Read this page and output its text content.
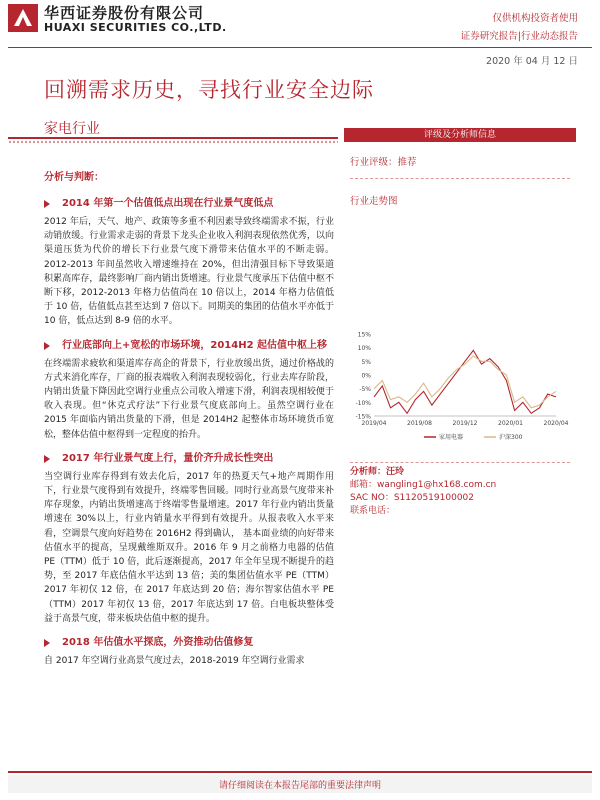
华西证券股份有限公司
HUAXI SECURITIES CO.,LTD.
仅供机构投资者使用
证券研究报告|行业动态报告
2020 年 04 月 12 日
回溯需求历史，寻找行业安全边际
家电行业
分析与判断：
2014 年第一个估值低点出现在行业景气度低点

2012 年后，天气、地产、政策等多重不利因素导致终端需求不振，行业动销放缓。行业需求走弱的背景下龙头企业收入利润表现依然优秀，以向渠道压货为代价的增长下行业景气度下滑带来估值水平的不断走弱。2012-2013 年间虽然收入增速维持在 20%，但出清强目标下导致渠道积累高库存，最终影响厂商内销出货增速。行业景气度承压下估值中枢不断下移，2012-2013 年格力估值尚在 10 倍以上，2014 年格力估值低于 10 倍，估值低点甚至达到 7 倍以下。同期美的集团的估值水平亦低于 10 倍，低点达到 8-9 倍的水平。

行业底部向上+宽松的市场环境，2014H2 起估值中枢上移

在终端需求疲软和渠道库存高企的背景下，行业放缓出货，通过价格战的方式来消化库存，厂商的报表端收入利润表现较弱化，行业去库存阶段，内销出货量下降因此空调行业重点公司收入增速下滑，利润表现相较便于收入表现。但“休克式疗法”下行业景气度底部向上。虽然空调行业在 2015 年面临内销出货量的下滑，但是 2014H2 起整体市场环境货币宽松，整体估值中枢得到一定程度的抬升。

2017 年行业景气度上行，量价齐升成长性突出

当空调行业库存得到有效去化后，2017 年的热夏天气+地产周期作用下，行业景气度得到有效提升，终端零售回暖。同时行业高景气度带来补库存现象，内销出货增速高于终端零售量增速。2017 年行业内销出货量增速在 30%以上，行业内销量水平得到有效提升。从报表收入水平来看，空调景气度向好趋势在 2016H2 得到确认， 基本面业绩的向好带来估值水平的提高，呈现戴维斯双升。2016 年 9 月之前格力电器的估值 PE（TTM）低于 10 倍，此后逐渐提高，2017 年全年呈现不断提升的趋势，至 2017 年底估值水平达到 13 倍；美的集团估值水平 PE（TTM）2017 年初仅 12 倍，在 2017 年底达到 20 倍；海尔智家估值水平 PE（TTM）2017 年初仅 13 倍，2017 年底达到 17 倍。白电板块整体受益于高景气度，带来板块估值中枢的提升。

2018 年估值水平探底，外资推动估值修复

自 2017 年空调行业高景气度过去，2018-2019 年空调行业需求

评级及分析师信息
行业评级：推荐
行业走势图
15%
10%
5%
0%
-5%
-10%
-15%
2019/04	2019/08	2019/12	2020/01	2020/04
家用电器	沪深300
分析师：汪玲
邮箱：wangling1@hx168.com.cn
SAC NO：S1120519100002
联系电话：
请仔细阅读在本报告尾部的重要法律声明
